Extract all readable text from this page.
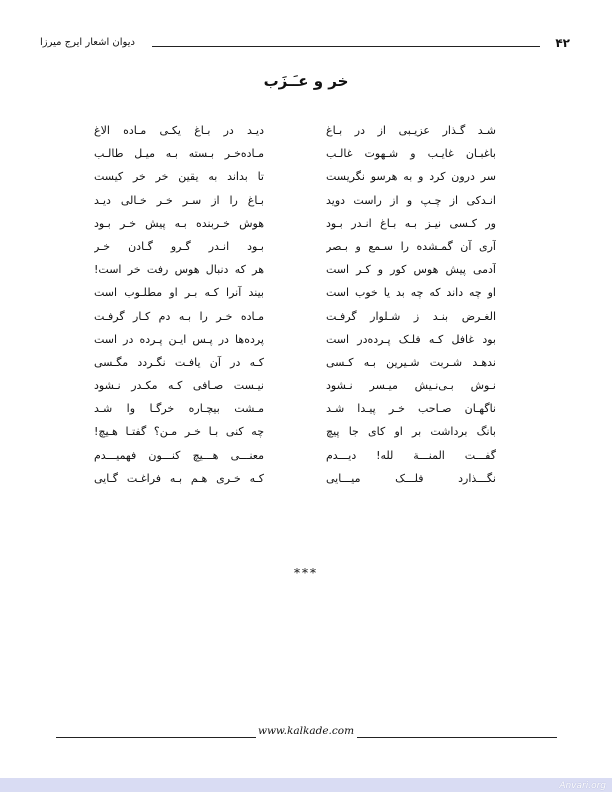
۴۲
دیوان اشعار ایرج میرزا
خر و عـَـزَب
شـد گـذار عزیـبی از در بـاغ
باغبـان غایـب و شـهوت غالـب
سر درون کرد و به هرسو نگریست
انـدکی از چـپ و از راست دوید
ور کـسی نیـز بـه بـاغ انـدر بـود
آری آن گمـشده را سـمع و بـصر
آدمی پیش هوس کور و کـر است
او چه داند که چه بد یا خوب است
الغـرض بنـد ز شـلوار گرفـت
بود غافل کـه فلـک پـرده‌در است
ندهـد شـربت شـیرین بـه کـسی
نـوش بـی‌نـیش میـسر نـشود
ناگهـان صـاحب خـر پیـدا شـد
بانگ برداشت بر او کای جا پیچ
گفـــت المنـــة لله! دیـــدم
نگـــذارد فلـــک میـــایی
دیـد در بـاغ یکـی مـاده الاغ
مـاده‌خـر بـسته بـه میـل طالـب
تا بداند به یقین خر خر کیست
بـاغ را از سـر خـر خـالی دیـد
هوش خـربنده بـه پیش خـر بـود
بـود انـدر گـرو گـادن خـر
هر که دنبال هوس رفت خر است!
بیند آنرا کـه بـر او مطلـوب است
مـاده خـر را بـه دم کـار گرفـت
پرده‌ها در پـس ایـن پـرده در است
کـه در آن یافـت نگـردد مگـسی
نیـست صـافی کـه مکـدر نـشود
مـشت بیچـاره خرگـا وا شـد
چه کنی بـا خـر مـن؟ گفتـا هـیچ!
معنـــی هـــیچ کنـــون فهمیـــدم
کـه خـری هـم بـه فراغـت گـایی
***
www.kalkade.com
Anvari.org
